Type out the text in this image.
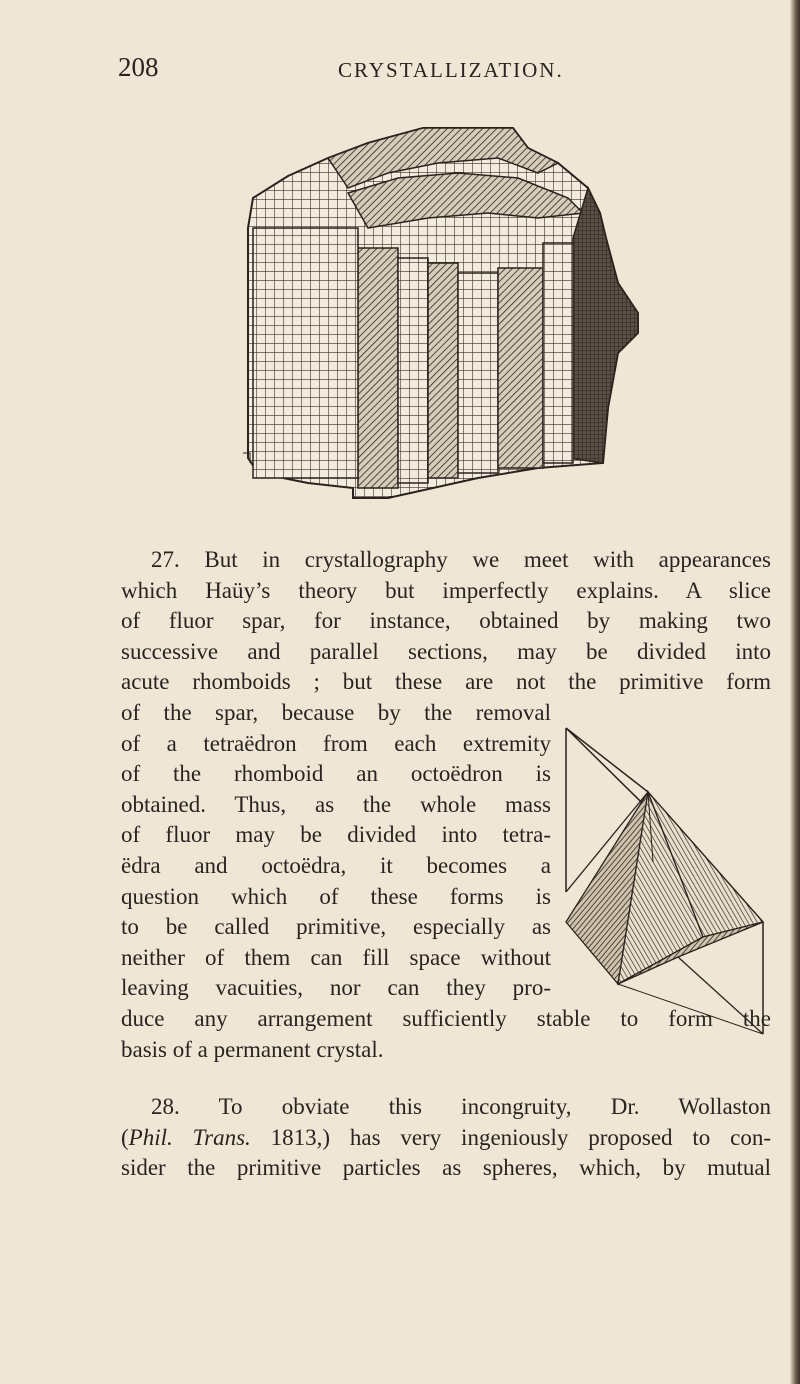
208	CRYSTALLIZATION.
27. But in crystallography we meet with appearances
which Haüy’s theory but imperfectly explains. A slice
of fluor spar, for instance, obtained by making two
successive and parallel sections, may be divided into
acute rhomboids ; but these are not the primitive form
of the spar, because by the removal
of a tetraëdron from each extremity
of the rhomboid an octoëdron is
obtained. Thus, as the whole mass
of fluor may be divided into tetra-
ëdra and octoëdra, it becomes a
question which of these forms is
to be called primitive, especially as
neither of them can fill space without
leaving vacuities, nor can they pro-
duce any arrangement sufficiently stable to form the
basis of a permanent crystal.
28. To obviate this incongruity, Dr. Wollaston
(Phil. Trans. 1813,) has very ingeniously proposed to con-
sider the primitive particles as spheres, which, by mutual
